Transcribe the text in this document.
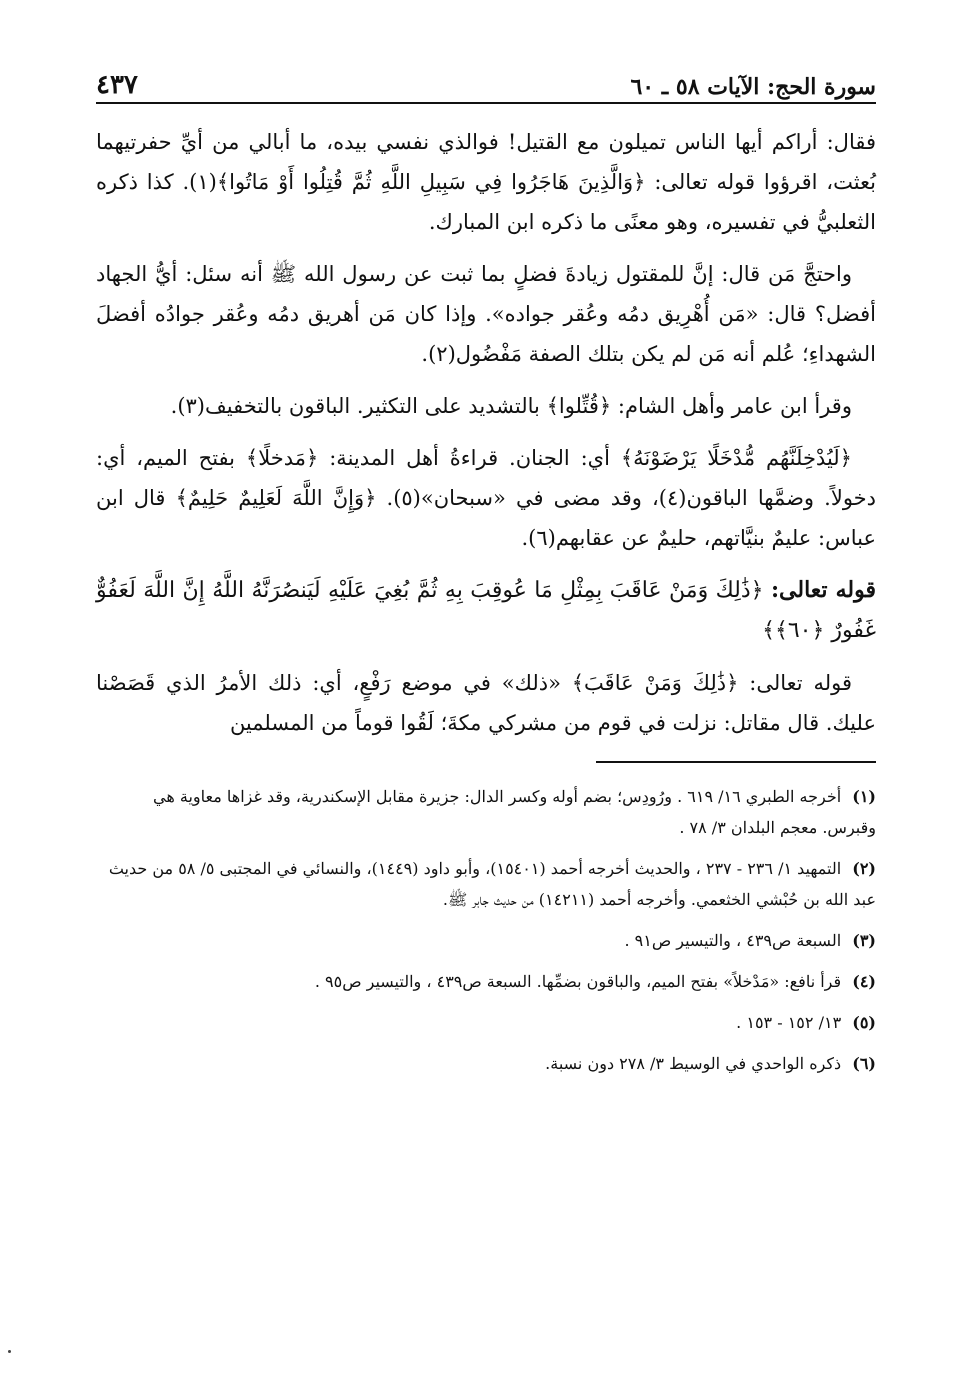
سورة الحج: الآيات ٥٨ ـ ٦٠
٤٣٧

فقال: أراكم أيها الناس تميلون مع القتيل! فوالذي نفسي بيده، ما أبالي من أيِّ حفرتيهما بُعثت، اقرؤوا قوله تعالى: ﴿وَالَّذِينَ هَاجَرُوا فِي سَبِيلِ اللَّهِ ثُمَّ قُتِلُوا أَوْ مَاتُوا﴾(١). كذا ذكره الثعلبيُّ في تفسيره، وهو معنًى ما ذكره ابن المبارك.

واحتجَّ مَن قال: إنَّ للمقتول زيادةَ فضلٍ بما ثبت عن رسول الله ﷺ أنه سئل: أيُّ الجهاد أفضل؟ قال: «مَن أُهْرِيق دمُه وعُقر جواده». وإذا كان مَن أهريق دمُه وعُقر جوادُه أفضلَ الشهداءِ؛ عُلم أنه مَن لم يكن بتلك الصفة مَفْضُول(٢).

وقرأ ابن عامر وأهل الشام: ﴿قُتِّلوا﴾ بالتشديد على التكثير. الباقون بالتخفيف(٣).

﴿لَيُدْخِلَنَّهُم مُّدْخَلًا يَرْضَوْنَهُ﴾ أي: الجنان. قراءةُ أهل المدينة: ﴿مَدخلًا﴾ بفتح الميم، أي: دخولاً. وضمَّها الباقون(٤)، وقد مضى في «سبحان»(٥). ﴿وَإِنَّ اللَّهَ لَعَلِيمٌ حَلِيمٌ﴾ قال ابن عباس: عليمٌ بنيَّاتهم، حليمٌ عن عقابهم(٦).

قوله تعالى: ﴿ذَٰلِكَ وَمَنْ عَاقَبَ بِمِثْلِ مَا عُوقِبَ بِهِ ثُمَّ بُغِيَ عَلَيْهِ لَيَنصُرَنَّهُ اللَّهُ إِنَّ اللَّهَ لَعَفُوٌّ غَفُورٌ ﴿٦٠﴾﴾

قوله تعالى: ﴿ذَٰلِكَ وَمَنْ عَاقَبَ﴾ «ذلك» في موضع رَفْعٍ، أي: ذلك الأمرُ الذي قَصَصْنا عليك. قال مقاتل: نزلت في قوم من مشركي مكةَ؛ لَقُوا قوماً من المسلمين

(١) أخرجه الطبري ١٦/ ٦١٩ . ورُودِس؛ بضم أوله وكسر الدال: جزيرة مقابل الإسكندرية، وقد غزاها معاوية هي وقبرس. معجم البلدان ٣/ ٧٨ .
(٢) التمهيد ١/ ٢٣٦ - ٢٣٧ ، والحديث أخرجه أحمد (١٥٤٠١)، وأبو داود (١٤٤٩)، والنسائي في المجتبى ٥/ ٥٨ من حديث عبد الله بن حُبْشي الخثعمي. وأخرجه أحمد (١٤٢١١) من حديث جابر ﷺ.
(٣) السبعة ص٤٣٩ ، والتيسير ص٩١ .
(٤) قرأ نافع: «مَدْخلاً» بفتح الميم، والباقون بضمِّها. السبعة ص٤٣٩ ، والتيسير ص٩٥ .
(٥) ١٣/ ١٥٢ - ١٥٣ .
(٦) ذكره الواحدي في الوسيط ٣/ ٢٧٨ دون نسبة.
